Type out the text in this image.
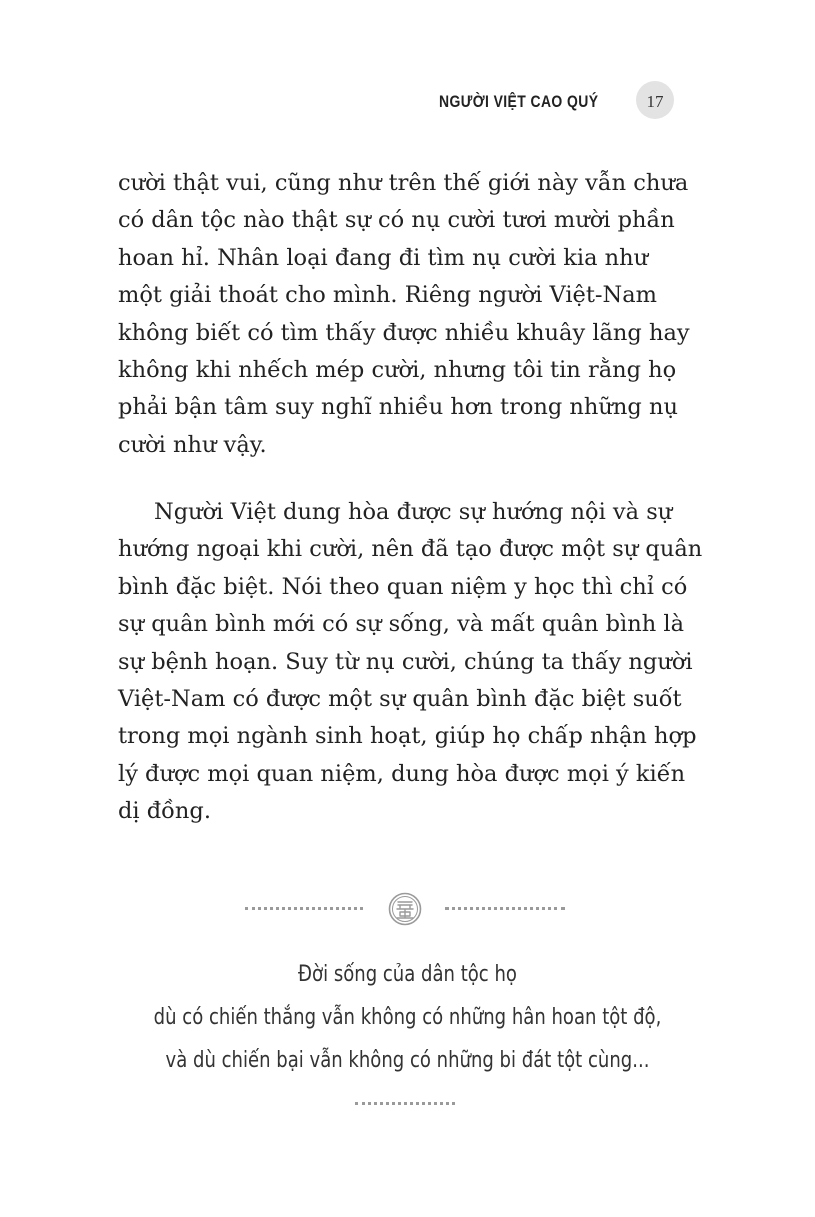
NGƯỜI VIỆT CAO QUÝ	17
cười thật vui, cũng như trên thế giới này vẫn chưa
có dân tộc nào thật sự có nụ cười tươi mười phần
hoan hỉ. Nhân loại đang đi tìm nụ cười kia như
một giải thoát cho mình. Riêng người Việt-Nam
không biết có tìm thấy được nhiều khuây lãng hay
không khi nhếch mép cười, nhưng tôi tin rằng họ
phải bận tâm suy nghĩ nhiều hơn trong những nụ
cười như vậy.
Người Việt dung hòa được sự hướng nội và sự
hướng ngoại khi cười, nên đã tạo được một sự quân
bình đặc biệt. Nói theo quan niệm y học thì chỉ có
sự quân bình mới có sự sống, và mất quân bình là
sự bệnh hoạn. Suy từ nụ cười, chúng ta thấy người
Việt-Nam có được một sự quân bình đặc biệt suốt
trong mọi ngành sinh hoạt, giúp họ chấp nhận hợp
lý được mọi quan niệm, dung hòa được mọi ý kiến
dị đồng.
Đời sống của dân tộc họ
dù có chiến thắng vẫn không có những hân hoan tột độ,
và dù chiến bại vẫn không có những bi đát tột cùng...
